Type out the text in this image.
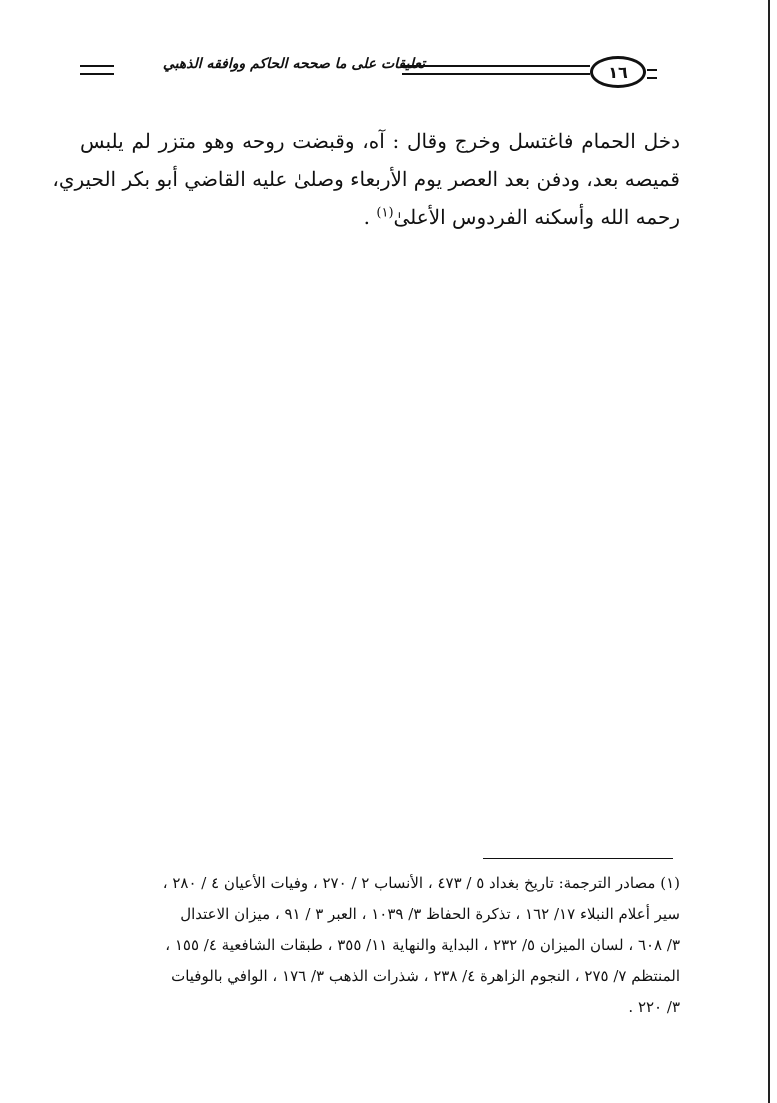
تعليقات على ما صححه الحاكم ووافقه الذهبي	١٦
دخل الحمام فاغتسل وخرج وقال : آه، وقبضت روحه وهو متزر لم يلبس
قميصه بعد، ودفن بعد العصر يوم الأربعاء وصلىٰ عليه القاضي أبو بكر الحيري،
رحمه الله وأسكنه الفردوس الأعلىٰ$^{(١)}$ .
(١) مصادر الترجمة: تاريخ بغداد ٥ / ٤٧٣ ، الأنساب ٢ / ٢٧٠ ، وفيات الأعيان ٤ / ٢٨٠ ،
سير أعلام النبلاء ١٧/ ١٦٢ ، تذكرة الحفاظ ٣/ ١٠٣٩ ، العبر ٣ / ٩١ ، ميزان الاعتدال
٣/ ٦٠٨ ، لسان الميزان ٥/ ٢٣٢ ، البداية والنهاية ١١/ ٣٥٥ ، طبقات الشافعية ٤/ ١٥٥ ،
المنتظم ٧/ ٢٧٥ ، النجوم الزاهرة ٤/ ٢٣٨ ، شذرات الذهب ٣/ ١٧٦ ، الوافي بالوفيات
٣/ ٢٢٠ .
